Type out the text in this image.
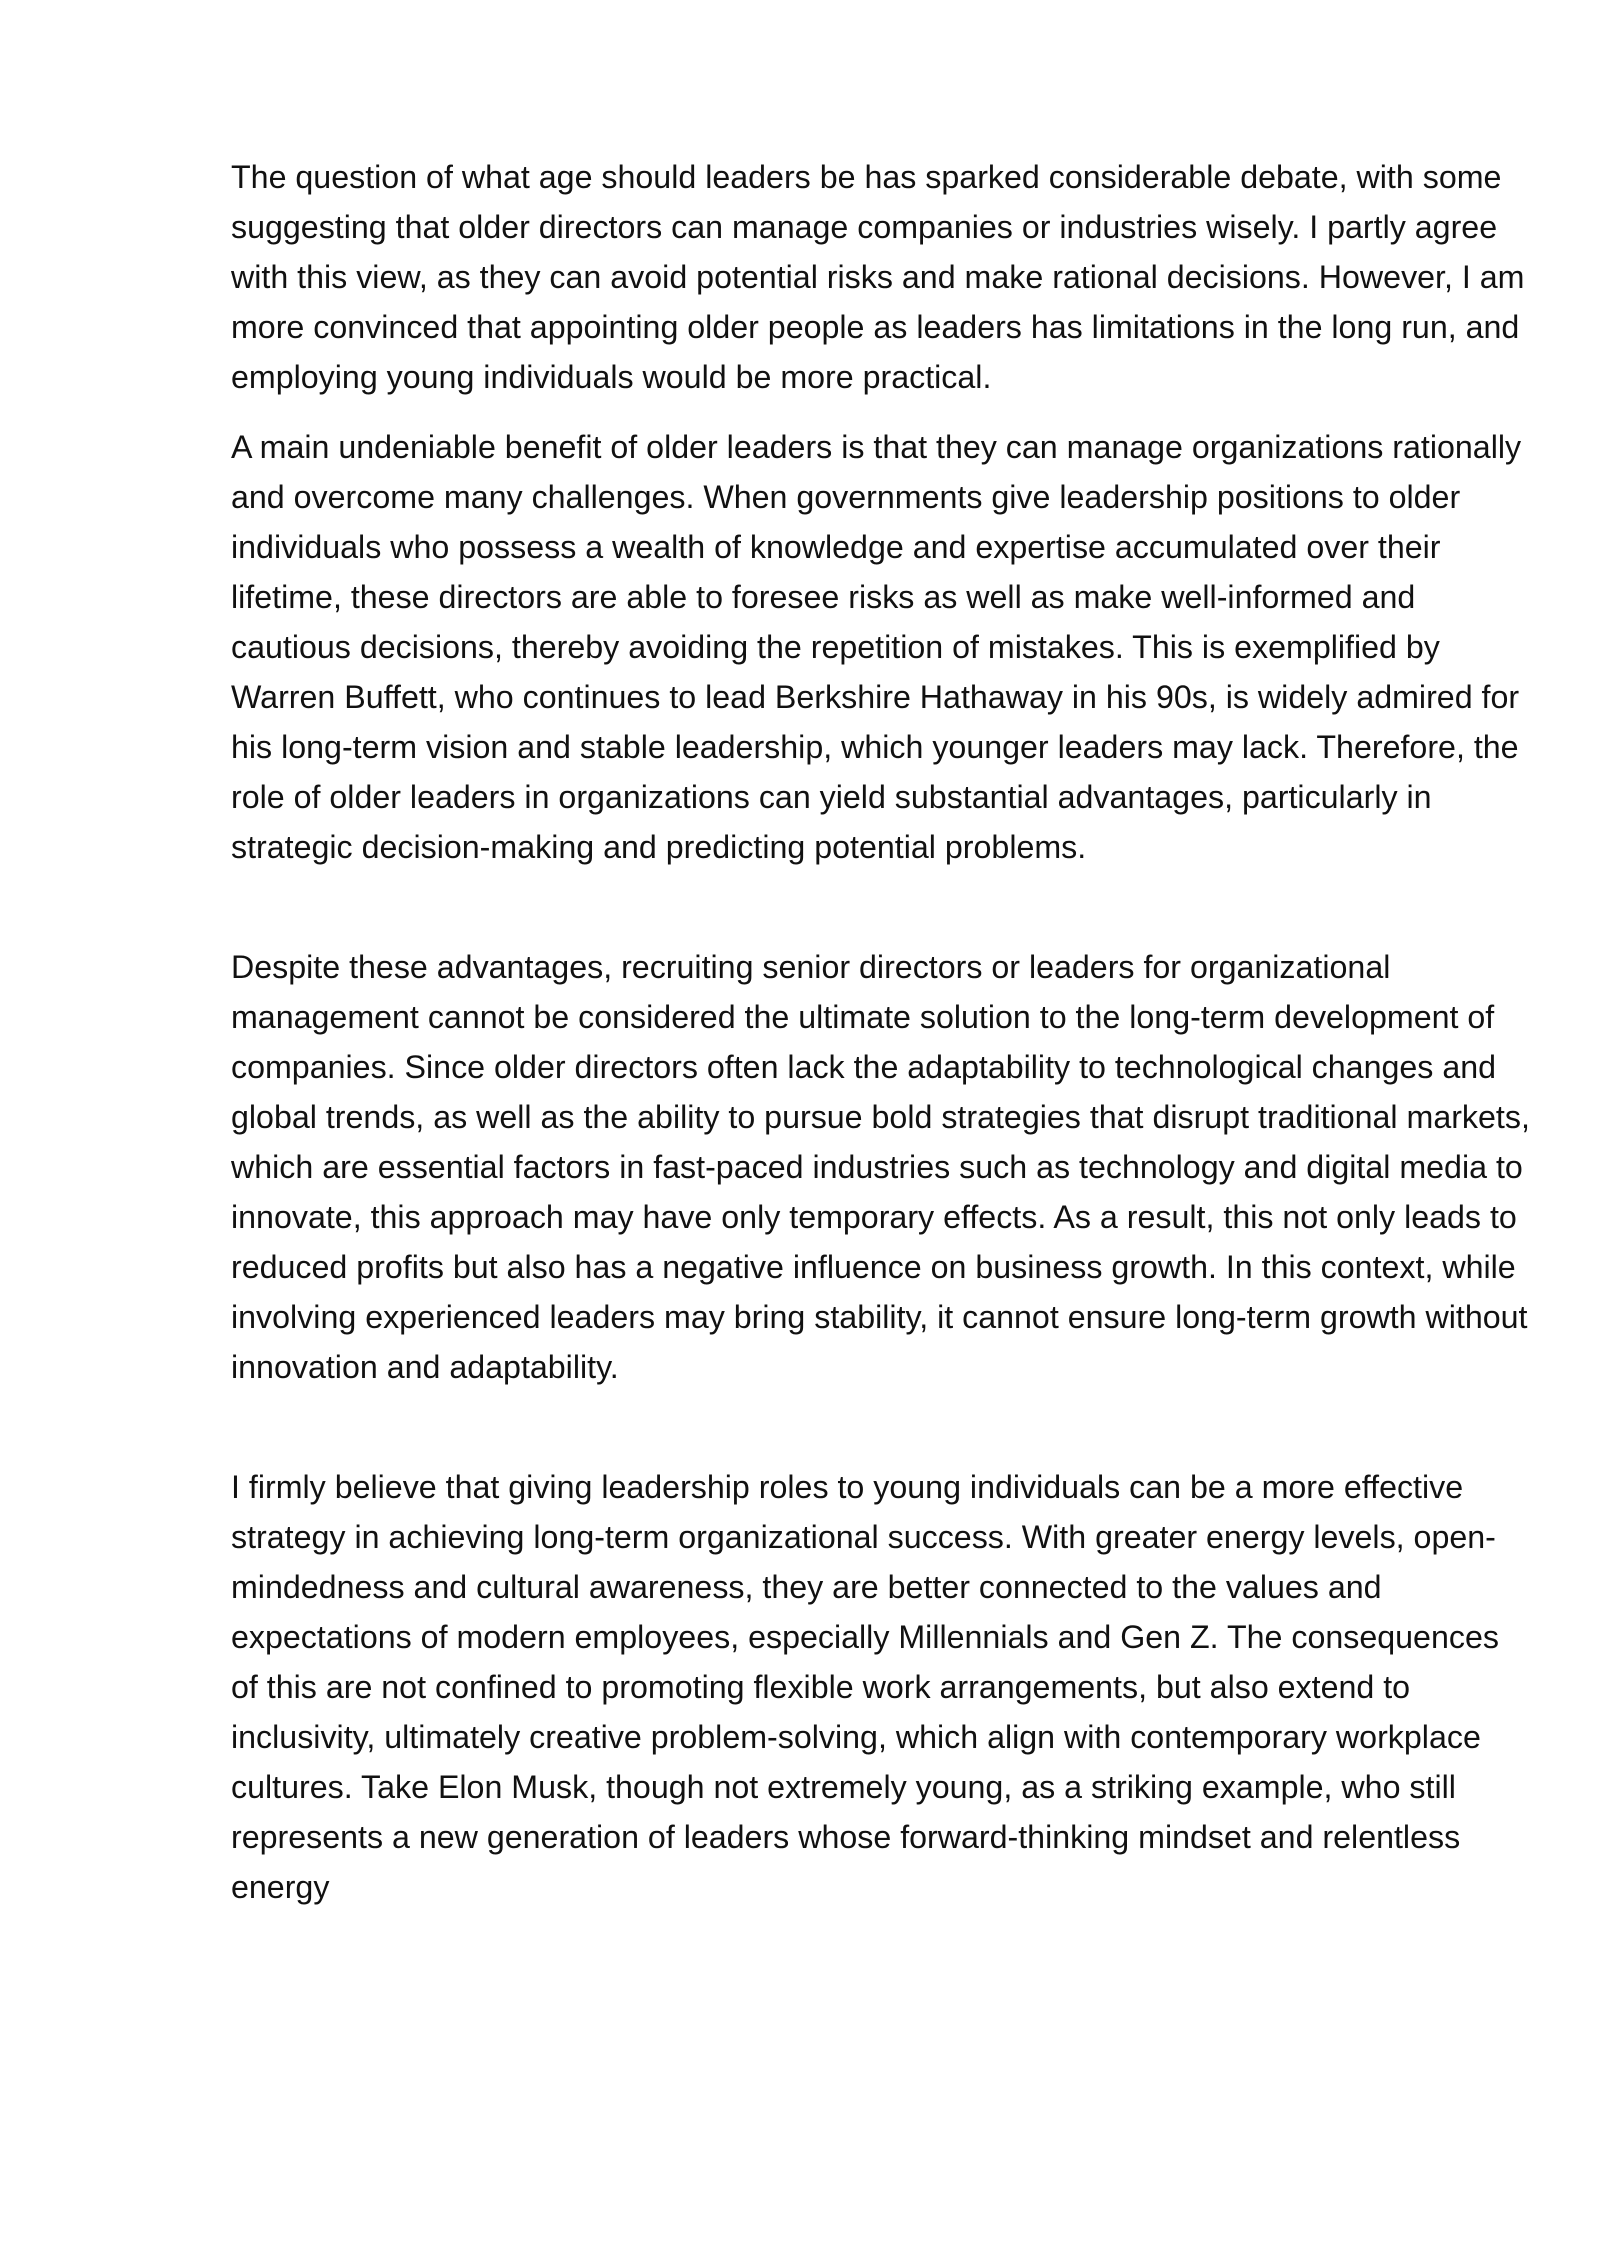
The question of what age should leaders be has sparked considerable debate, with some suggesting that older directors can manage companies or industries wisely. I partly agree with this view, as they can avoid potential risks and make rational decisions. However, I am more convinced that appointing older people as leaders has limitations in the long run, and employing young individuals would be more practical.

A main undeniable benefit of older leaders is that they can manage organizations rationally and overcome many challenges. When governments give leadership positions to older individuals who possess a wealth of knowledge and expertise accumulated over their lifetime, these directors are able to foresee risks as well as make well-informed and cautious decisions, thereby avoiding the repetition of mistakes. This is exemplified by Warren Buffett, who continues to lead Berkshire Hathaway in his 90s, is widely admired for his long-term vision and stable leadership, which younger leaders may lack. Therefore, the role of older leaders in organizations can yield substantial advantages, particularly in strategic decision-making and predicting potential problems.

Despite these advantages, recruiting senior directors or leaders for organizational management cannot be considered the ultimate solution to the long-term development of companies. Since older directors often lack the adaptability to technological changes and global trends, as well as the ability to pursue bold strategies that disrupt traditional markets, which are essential factors in fast-paced industries such as technology and digital media to innovate, this approach may have only temporary effects. As a result, this not only leads to reduced profits but also has a negative influence on business growth. In this context, while involving experienced leaders may bring stability, it cannot ensure long-term growth without innovation and adaptability.

I firmly believe that giving leadership roles to young individuals can be a more effective strategy in achieving long-term organizational success. With greater energy levels, open-mindedness and cultural awareness, they are better connected to the values and expectations of modern employees, especially Millennials and Gen Z. The consequences of this are not confined to promoting flexible work arrangements, but also extend to inclusivity, ultimately creative problem-solving, which align with contemporary workplace cultures. Take Elon Musk, though not extremely young, as a striking example, who still represents a new generation of leaders whose forward-thinking mindset and relentless energy
